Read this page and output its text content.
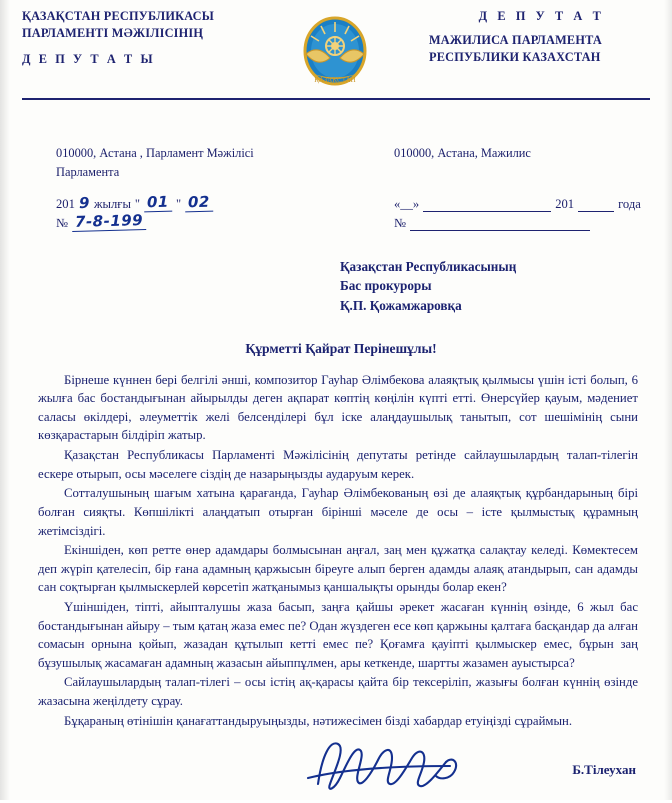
ҚАЗАҚСТАН РЕСПУБЛИКАСЫ
ПАРЛАМЕНТІ МӘЖІЛІСІНІҢ
Д Е П У Т А Т Ы
ҚАЗАҚСТАН
Д Е П У Т А Т
МАЖИЛИСА ПАРЛАМЕНТА
РЕСПУБЛИКИ КАЗАХСТАН
010000, Астана , Парламент Мәжілісі
Парламента
010000, Астана, Мажилис
201 9 жылғы " 01 " 02
№ 7-8-199
«__»	201	года
№
Қазақстан Республикасының
Бас прокуроры
Қ.П. Қожамжаровқа
Құрметті Қайрат Перінешұлы!

Бірнеше күннен бері белгілі әнші, композитор Гауһар Әлімбекова алаяқтық қылмысы үшін істі болып, 6 жылға бас бостандығынан айырылды деген ақпарат көптің көңілін күпті етті. Өнерсүйер қауым, мәдениет саласы өкілдері, әлеуметтік желі белсенділері бұл іске алаңдаушылық танытып, сот шешімінің сыни көзқарастарын білдіріп жатыр.

Қазақстан Республикасы Парламенті Мәжілісінің депутаты ретінде сайлаушылардың талап-тілегін ескере отырып, осы мәселеге сіздің де назарыңызды аударуым керек.

Сотталушының шағым хатына қарағанда, Гауһар Әлімбекованың өзі де алаяқтық құрбандарының бірі болған сияқты. Көпшілікті алаңдатып отырған бірінші мәселе де осы – істе қылмыстық құрамның жетімсіздігі.

Екіншіден, көп ретте өнер адамдары болмысынан аңғал, заң мен құжатқа салақтау келеді. Көмектесем деп жүріп қателесіп, бір ғана адамның қаржысын біреуге алып берген адамды алаяқ атандырып, сан адамды сан соқтырған қылмыскерлей көрсетіп жатқанымыз қаншалықты орынды болар екен?

Үшіншіден, тіпті, айыпталушы жаза басып, заңға қайшы әрекет жасаған күннің өзінде, 6 жыл бас бостандығынан айыру – тым қатаң жаза емес пе? Одан жүздеген есе көп қаржыны қалтаға басқандар да алған сомасын орнына қойып, жазадан құтылып кетті емес пе? Қоғамға қауіпті қылмыскер емес, бұрын заң бұзушылық жасамаған адамның жазасын айыппұлмен, ары кеткенде, шартты жазамен ауыстырса?

Сайлаушылардың талап-тілегі – осы істің ақ-қарасы қайта бір тексеріліп, жазығы болған күннің өзінде жазасына жеңілдету сұрау.

Бұқараның өтінішін қанағаттандыруыңызды, нәтижесімен бізді хабардар етуіңізді сұраймын.

Б.Тілеухан
